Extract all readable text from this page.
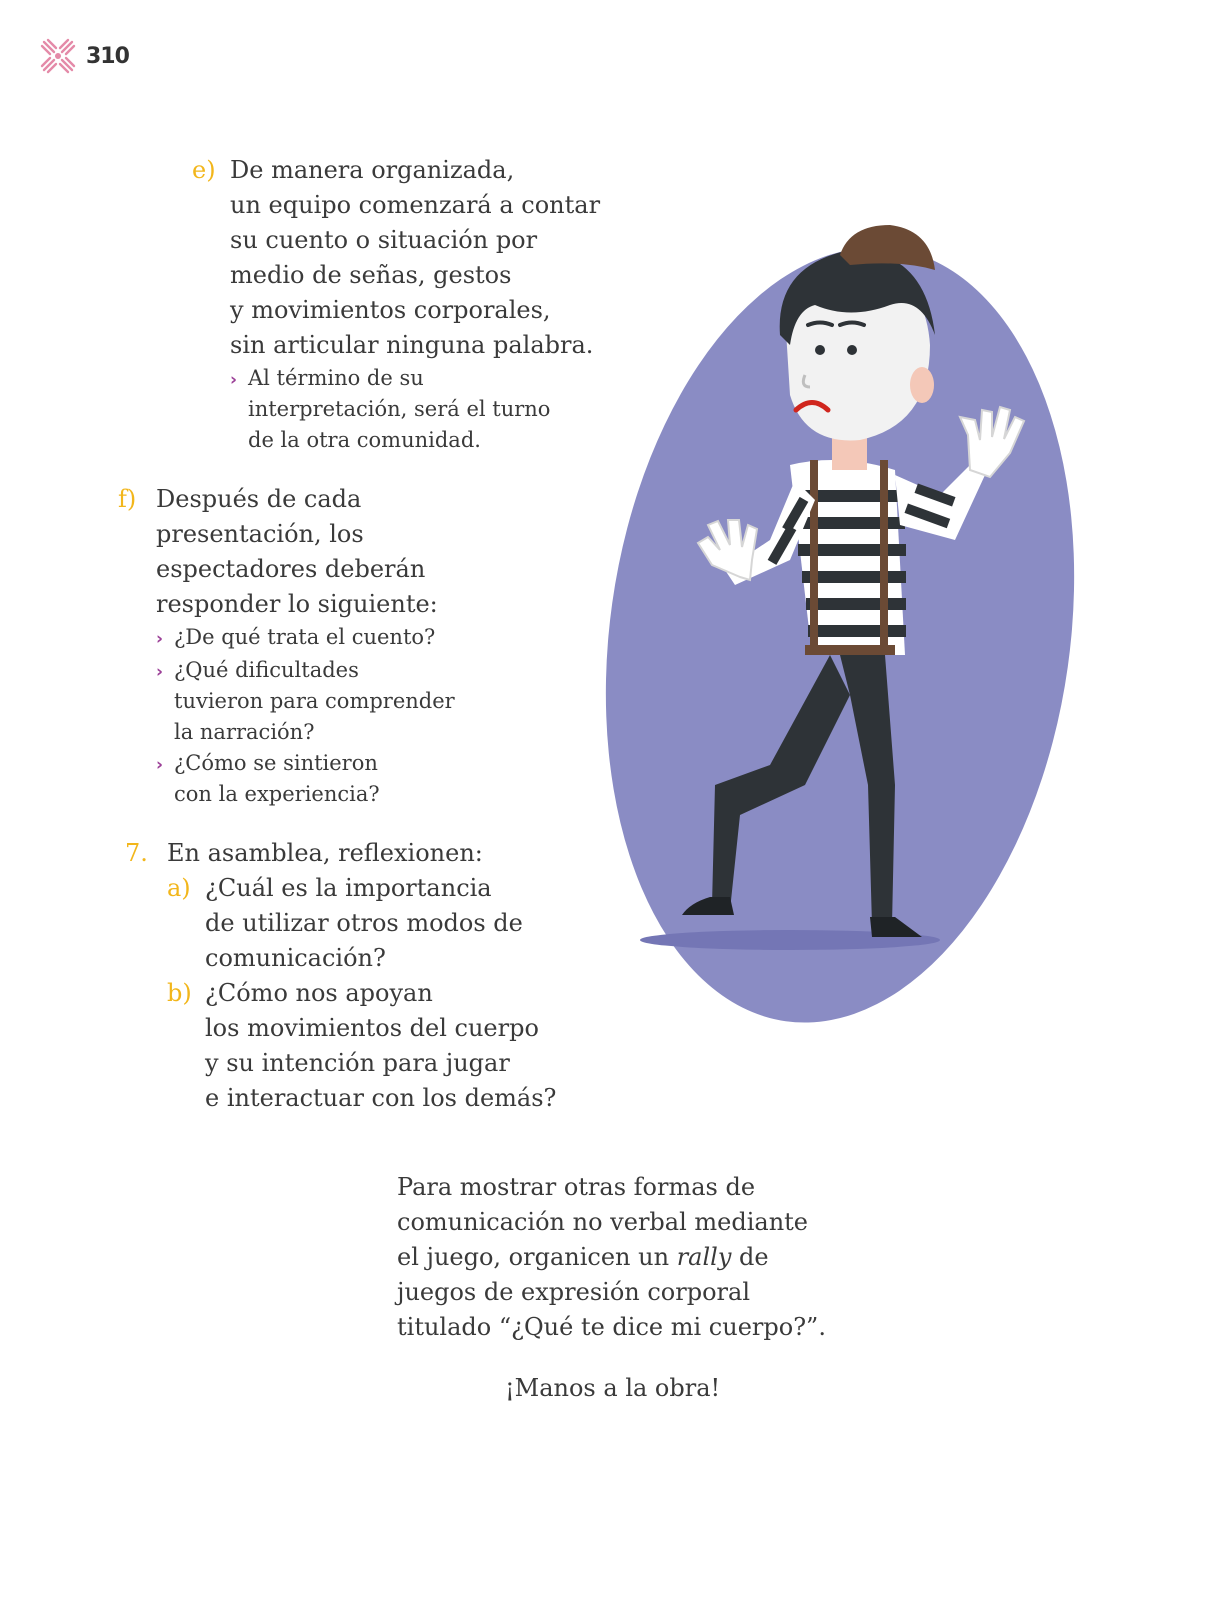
310
e) De manera organizada,
un equipo comenzará a contar
su cuento o situación por
medio de señas, gestos
y movimientos corporales,
sin articular ninguna palabra.
› Al término de su
interpretación, será el turno
de la otra comunidad.
f) Después de cada
presentación, los
espectadores deberán
responder lo siguiente:
› ¿De qué trata el cuento?
› ¿Qué dificultades
tuvieron para comprender
la narración?
› ¿Cómo se sintieron
con la experiencia?
7. En asamblea, reflexionen:
a) ¿Cuál es la importancia
de utilizar otros modos de
comunicación?
b) ¿Cómo nos apoyan
los movimientos del cuerpo
y su intención para jugar
e interactuar con los demás?
Para mostrar otras formas de
comunicación no verbal mediante
el juego, organicen un rally de
juegos de expresión corporal
titulado “¿Qué te dice mi cuerpo?”.
¡Manos a la obra!
